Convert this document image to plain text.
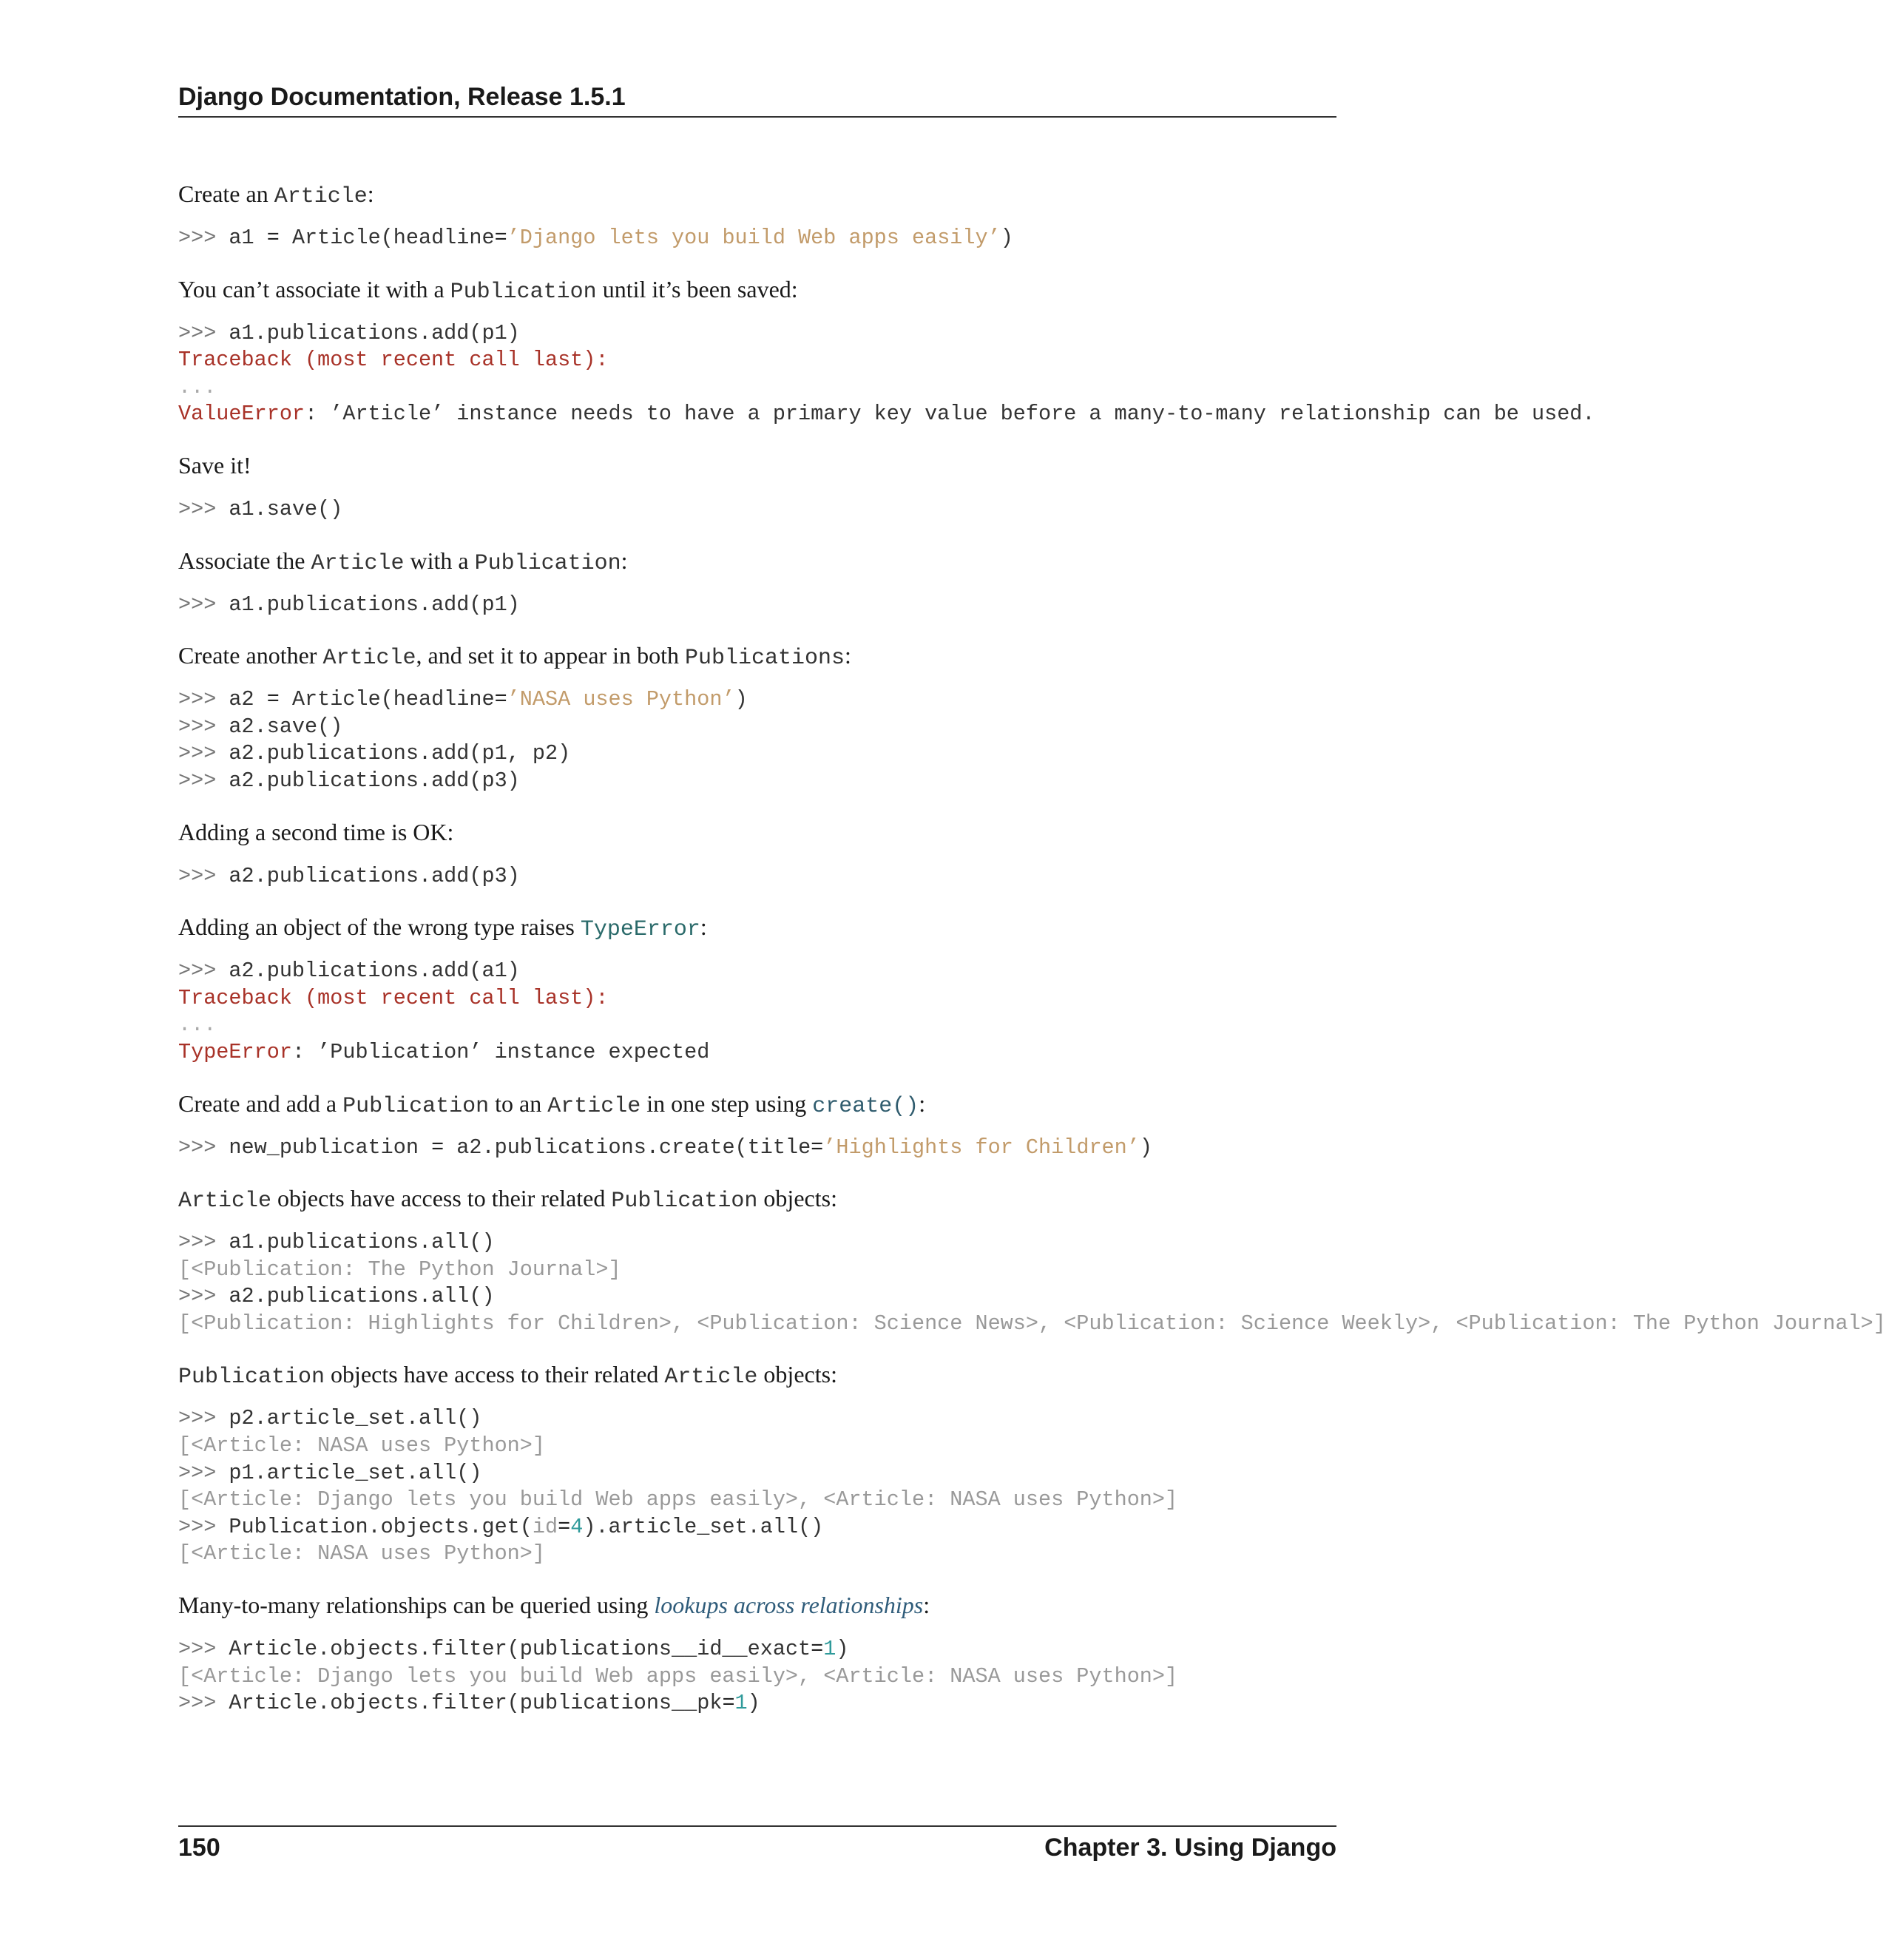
Django Documentation, Release 1.5.1
Create an Article:
>>> a1 = Article(headline=’Django lets you build Web apps easily’)
You can’t associate it with a Publication until it’s been saved:
>>> a1.publications.add(p1)
Traceback (most recent call last):
...
ValueError: ’Article’ instance needs to have a primary key value before a many-to-many relationship can be used.
Save it!
>>> a1.save()
Associate the Article with a Publication:
>>> a1.publications.add(p1)
Create another Article, and set it to appear in both Publications:
>>> a2 = Article(headline=’NASA uses Python’)
>>> a2.save()
>>> a2.publications.add(p1, p2)
>>> a2.publications.add(p3)
Adding a second time is OK:
>>> a2.publications.add(p3)
Adding an object of the wrong type raises TypeError:
>>> a2.publications.add(a1)
Traceback (most recent call last):
...
TypeError: ’Publication’ instance expected
Create and add a Publication to an Article in one step using create():
>>> new_publication = a2.publications.create(title=’Highlights for Children’)
Article objects have access to their related Publication objects:
>>> a1.publications.all()
[<Publication: The Python Journal>]
>>> a2.publications.all()
[<Publication: Highlights for Children>, <Publication: Science News>, <Publication: Science Weekly>, <Publication: The Python Journal>]
Publication objects have access to their related Article objects:
>>> p2.article_set.all()
[<Article: NASA uses Python>]
>>> p1.article_set.all()
[<Article: Django lets you build Web apps easily>, <Article: NASA uses Python>]
>>> Publication.objects.get(id=4).article_set.all()
[<Article: NASA uses Python>]
Many-to-many relationships can be queried using lookups across relationships:
>>> Article.objects.filter(publications__id__exact=1)
[<Article: Django lets you build Web apps easily>, <Article: NASA uses Python>]
>>> Article.objects.filter(publications__pk=1)
150	Chapter 3. Using Django
